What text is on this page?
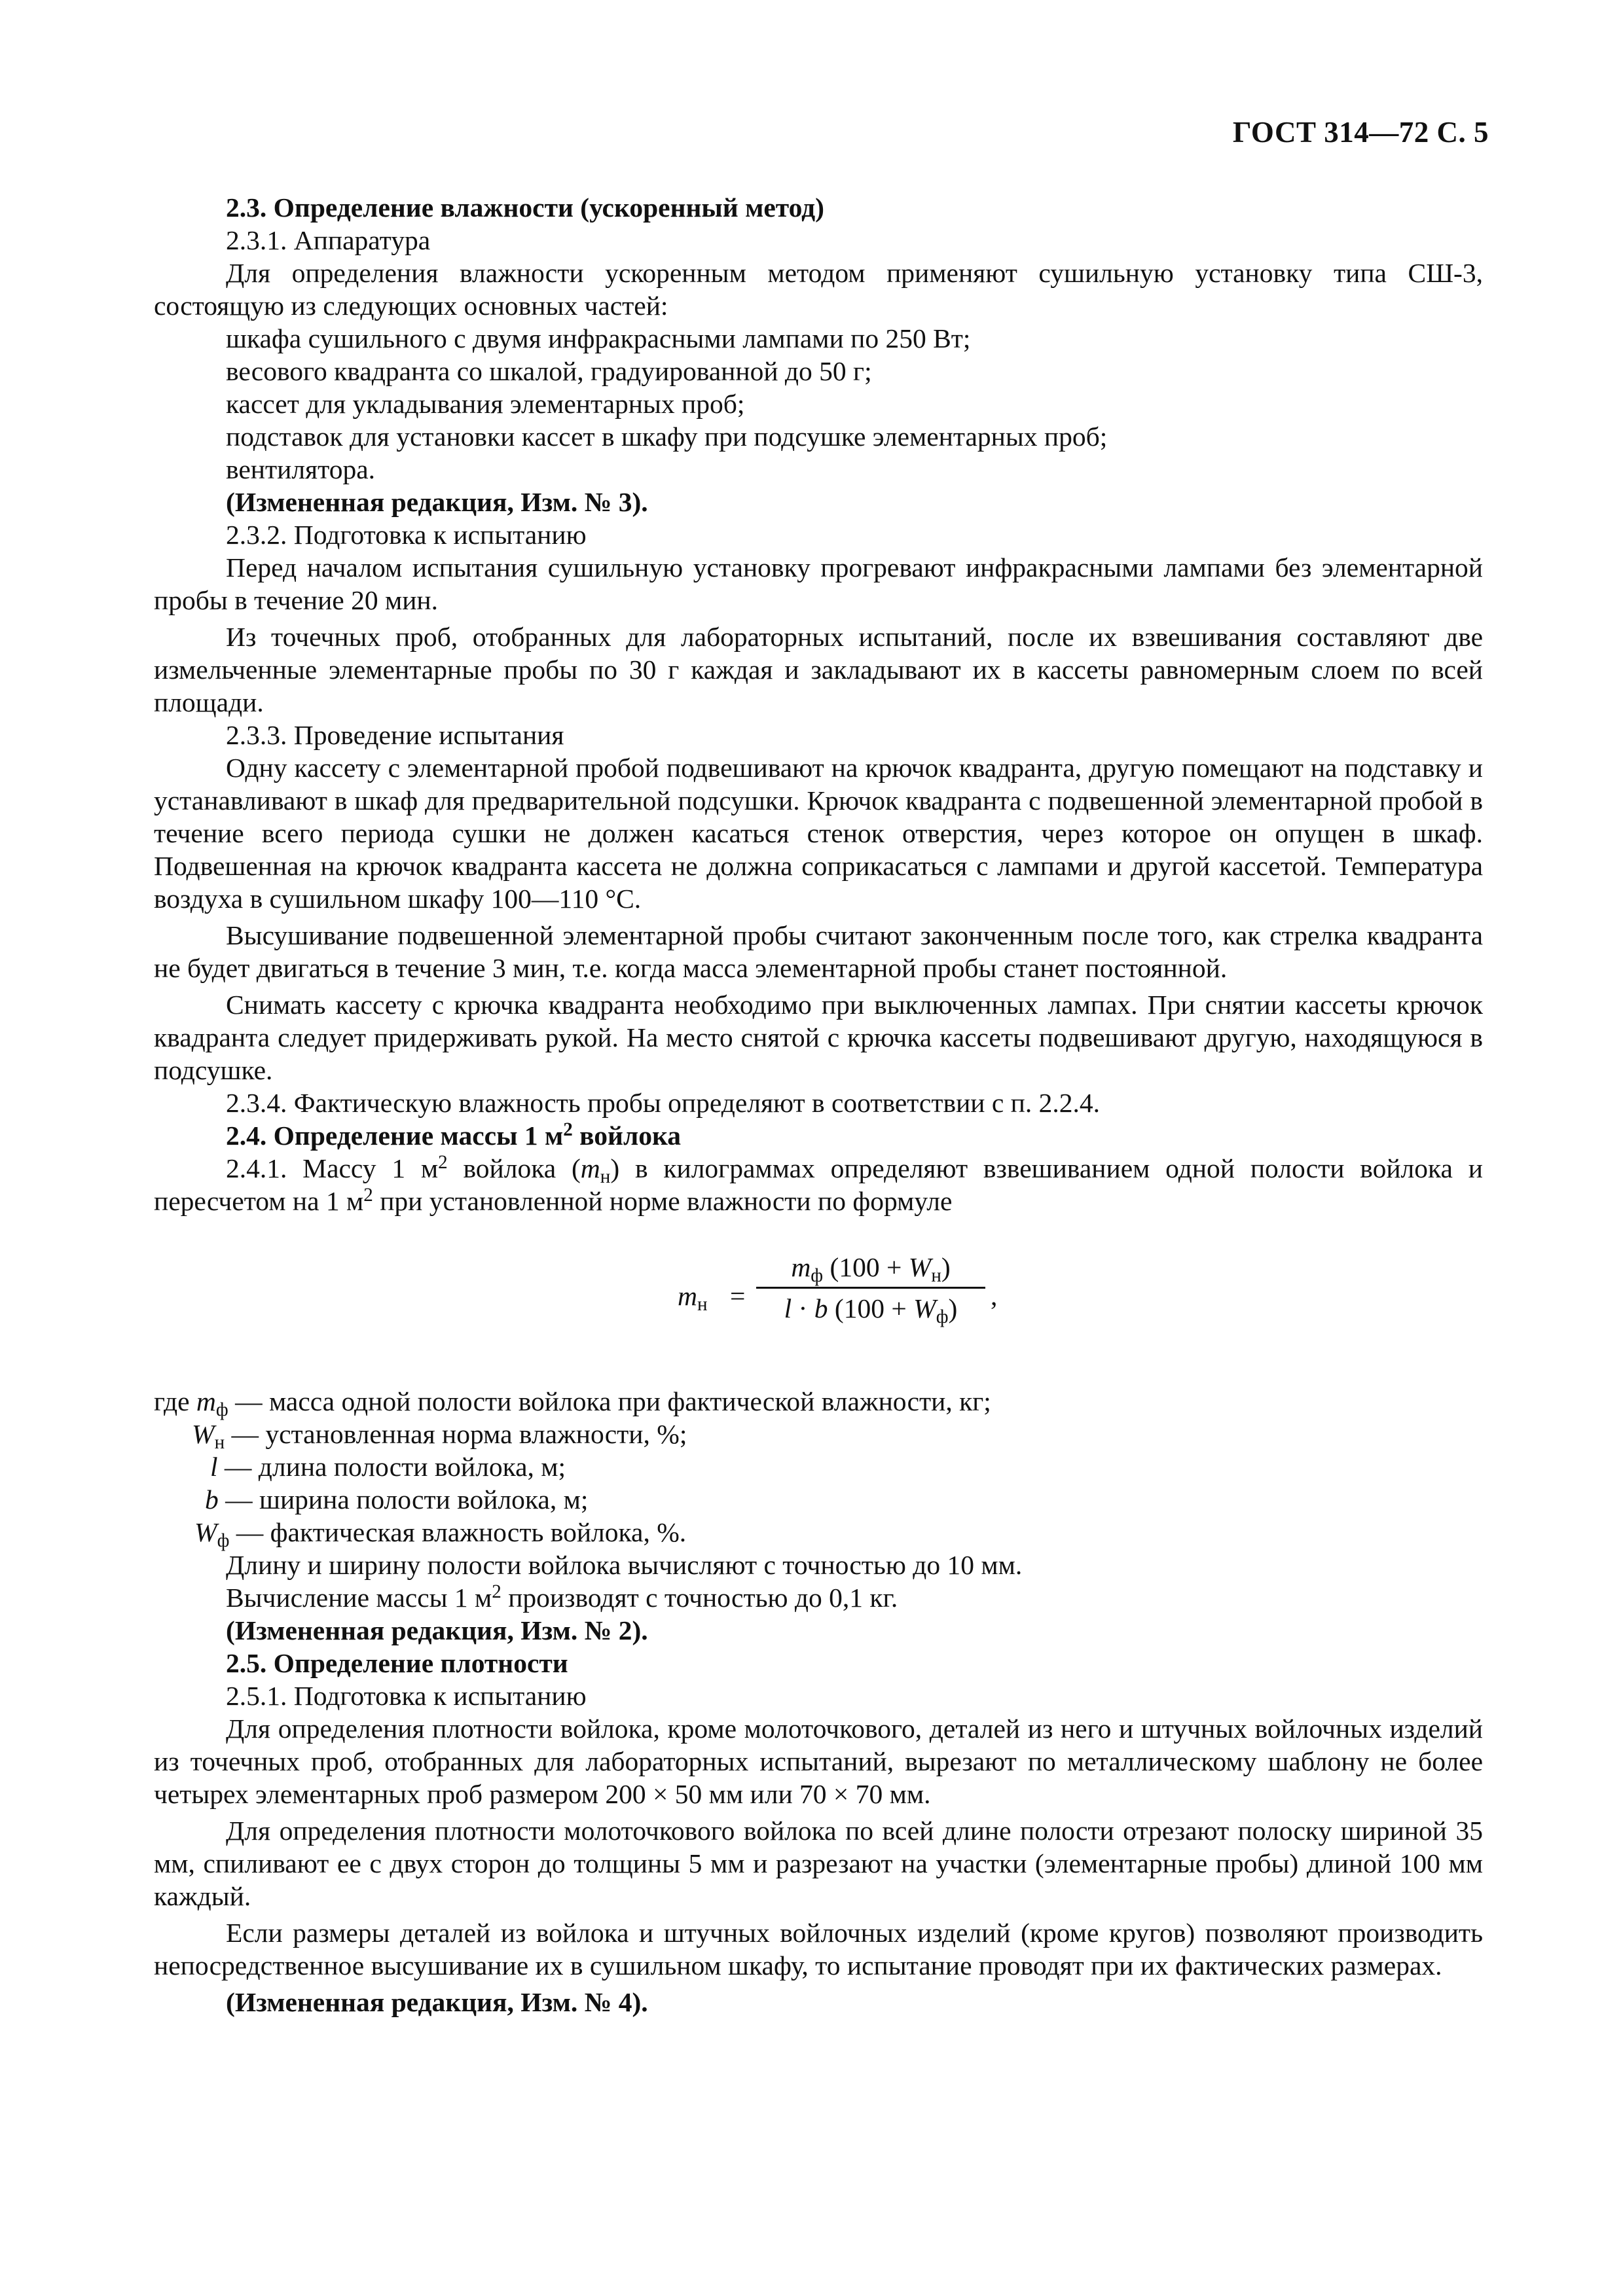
ГОСТ 314—72 С. 5

2.3. Определение влажности (ускоренный метод)

2.3.1. Аппаратура

Для определения влажности ускоренным методом применяют сушильную установку типа СШ-3, состоящую из следующих основных частей:

шкафа сушильного с двумя инфракрасными лампами по 250 Вт;

весового квадранта со шкалой, градуированной до 50 г;

кассет для укладывания элементарных проб;

подставок для установки кассет в шкафу при подсушке элементарных проб;

вентилятора.

(Измененная редакция, Изм. № 3).

2.3.2. Подготовка к испытанию

Перед началом испытания сушильную установку прогревают инфракрасными лампами без элементарной пробы в течение 20 мин.

Из точечных проб, отобранных для лабораторных испытаний, после их взвешивания составляют две измельченные элементарные пробы по 30 г каждая и закладывают их в кассеты равномерным слоем по всей площади.

2.3.3. Проведение испытания

Одну кассету с элементарной пробой подвешивают на крючок квадранта, другую помещают на подставку и устанавливают в шкаф для предварительной подсушки. Крючок квадранта с подвешенной элементарной пробой в течение всего периода сушки не должен касаться стенок отверстия, через которое он опущен в шкаф. Подвешенная на крючок квадранта кассета не должна соприкасаться с лампами и другой кассетой. Температура воздуха в сушильном шкафу 100—110 °С.

Высушивание подвешенной элементарной пробы считают законченным после того, как стрелка квадранта не будет двигаться в течение 3 мин, т.е. когда масса элементарной пробы станет постоянной.

Снимать кассету с крючка квадранта необходимо при выключенных лампах. При снятии кассеты крючок квадранта следует придерживать рукой. На место снятой с крючка кассеты подвешивают другую, находящуюся в подсушке.

2.3.4. Фактическую влажность пробы определяют в соответствии с п. 2.2.4.

2.4. Определение массы 1 $м^2$ войлока

2.4.1. Массу 1 $м^2$ войлока $(m_н)$ в килограммах определяют взвешиванием одной полости войлока и пересчетом на 1 $м^2$ при установленной норме влажности по формуле

$m_н$ =
$m_ф$ $(100 + W_н)$
l · b $(100 + W_ф)$	,

где $m_ф$ — масса одной полости войлока при фактической влажности, кг;

$W_н$ — установленная норма влажности, %;

l — длина полости войлока, м;

b — ширина полости войлока, м;

$W_ф$ — фактическая влажность войлока, %.

Длину и ширину полости войлока вычисляют с точностью до 10 мм.

Вычисление массы 1 $м^2$ производят с точностью до 0,1 кг.

(Измененная редакция, Изм. № 2).

2.5. Определение плотности

2.5.1. Подготовка к испытанию

Для определения плотности войлока, кроме молоточкового, деталей из него и штучных войлочных изделий из точечных проб, отобранных для лабораторных испытаний, вырезают по металлическому шаблону не более четырех элементарных проб размером 200 × 50 мм или 70 × 70 мм.

Для определения плотности молоточкового войлока по всей длине полости отрезают полоску шириной 35 мм, спиливают ее с двух сторон до толщины 5 мм и разрезают на участки (элементарные пробы) длиной 100 мм каждый.

Если размеры деталей из войлока и штучных войлочных изделий (кроме кругов) позволяют производить непосредственное высушивание их в сушильном шкафу, то испытание проводят при их фактических размерах.

(Измененная редакция, Изм. № 4).
